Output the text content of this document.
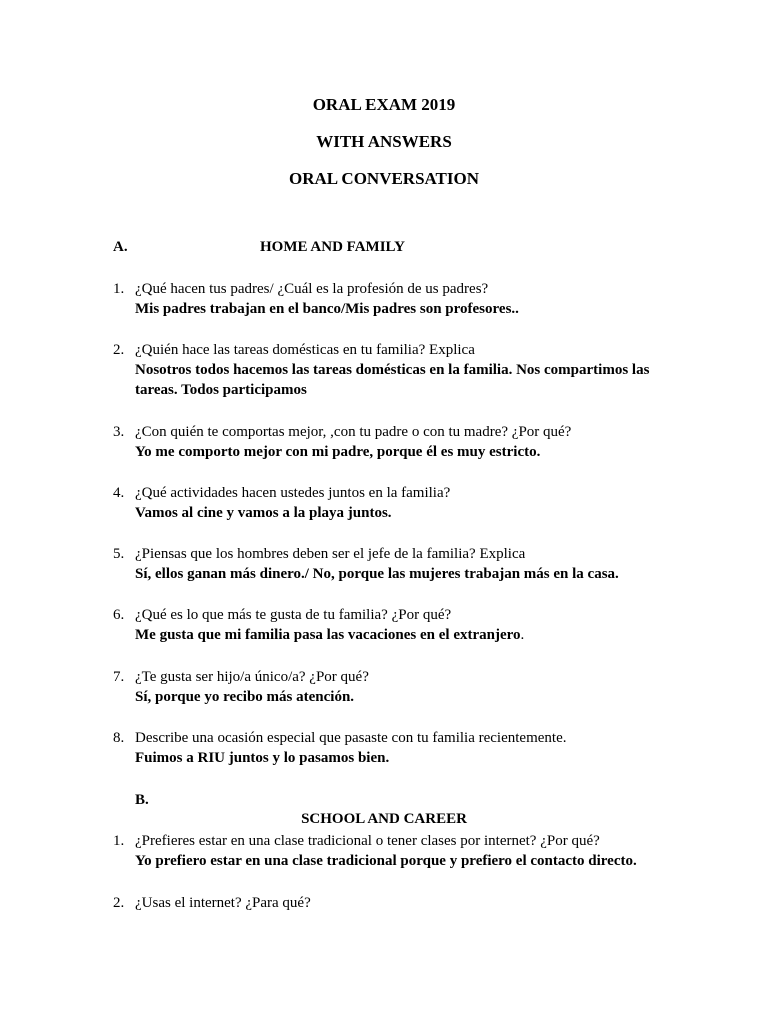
ORAL EXAM 2019
WITH ANSWERS
ORAL CONVERSATION
A.	HOME AND FAMILY
1. ¿Qué hacen tus padres/ ¿Cuál es la profesión de us padres?
Mis padres trabajan en el banco/Mis padres son profesores..
2. ¿Quién hace las tareas domésticas en tu familia? Explica
Nosotros todos hacemos las tareas domésticas en la familia. Nos compartimos las tareas. Todos participamos
3. ¿Con quién te comportas mejor, ,con tu padre o con tu madre? ¿Por qué?
Yo me comporto mejor con mi padre, porque él es muy estricto.
4. ¿Qué actividades hacen ustedes juntos en la familia?
Vamos al cine y vamos a la playa juntos.
5. ¿Piensas que los hombres deben ser el jefe de la familia? Explica
Sí, ellos ganan más dinero./ No, porque las mujeres trabajan más en la casa.
6. ¿Qué es lo que más te gusta de tu familia? ¿Por qué?
Me gusta que mi familia pasa las vacaciones en el extranjero.
7. ¿Te gusta ser hijo/a único/a? ¿Por qué?
Sí, porque yo recibo más atención.
8. Describe una ocasión especial que pasaste con tu familia recientemente.
Fuimos a RIU juntos y lo pasamos bien.
B.
SCHOOL AND CAREER
1. ¿Prefieres estar en una clase tradicional o tener clases por internet? ¿Por qué?
Yo prefiero estar en una clase tradicional porque y prefiero el contacto directo.
2. ¿Usas el internet? ¿Para qué?
